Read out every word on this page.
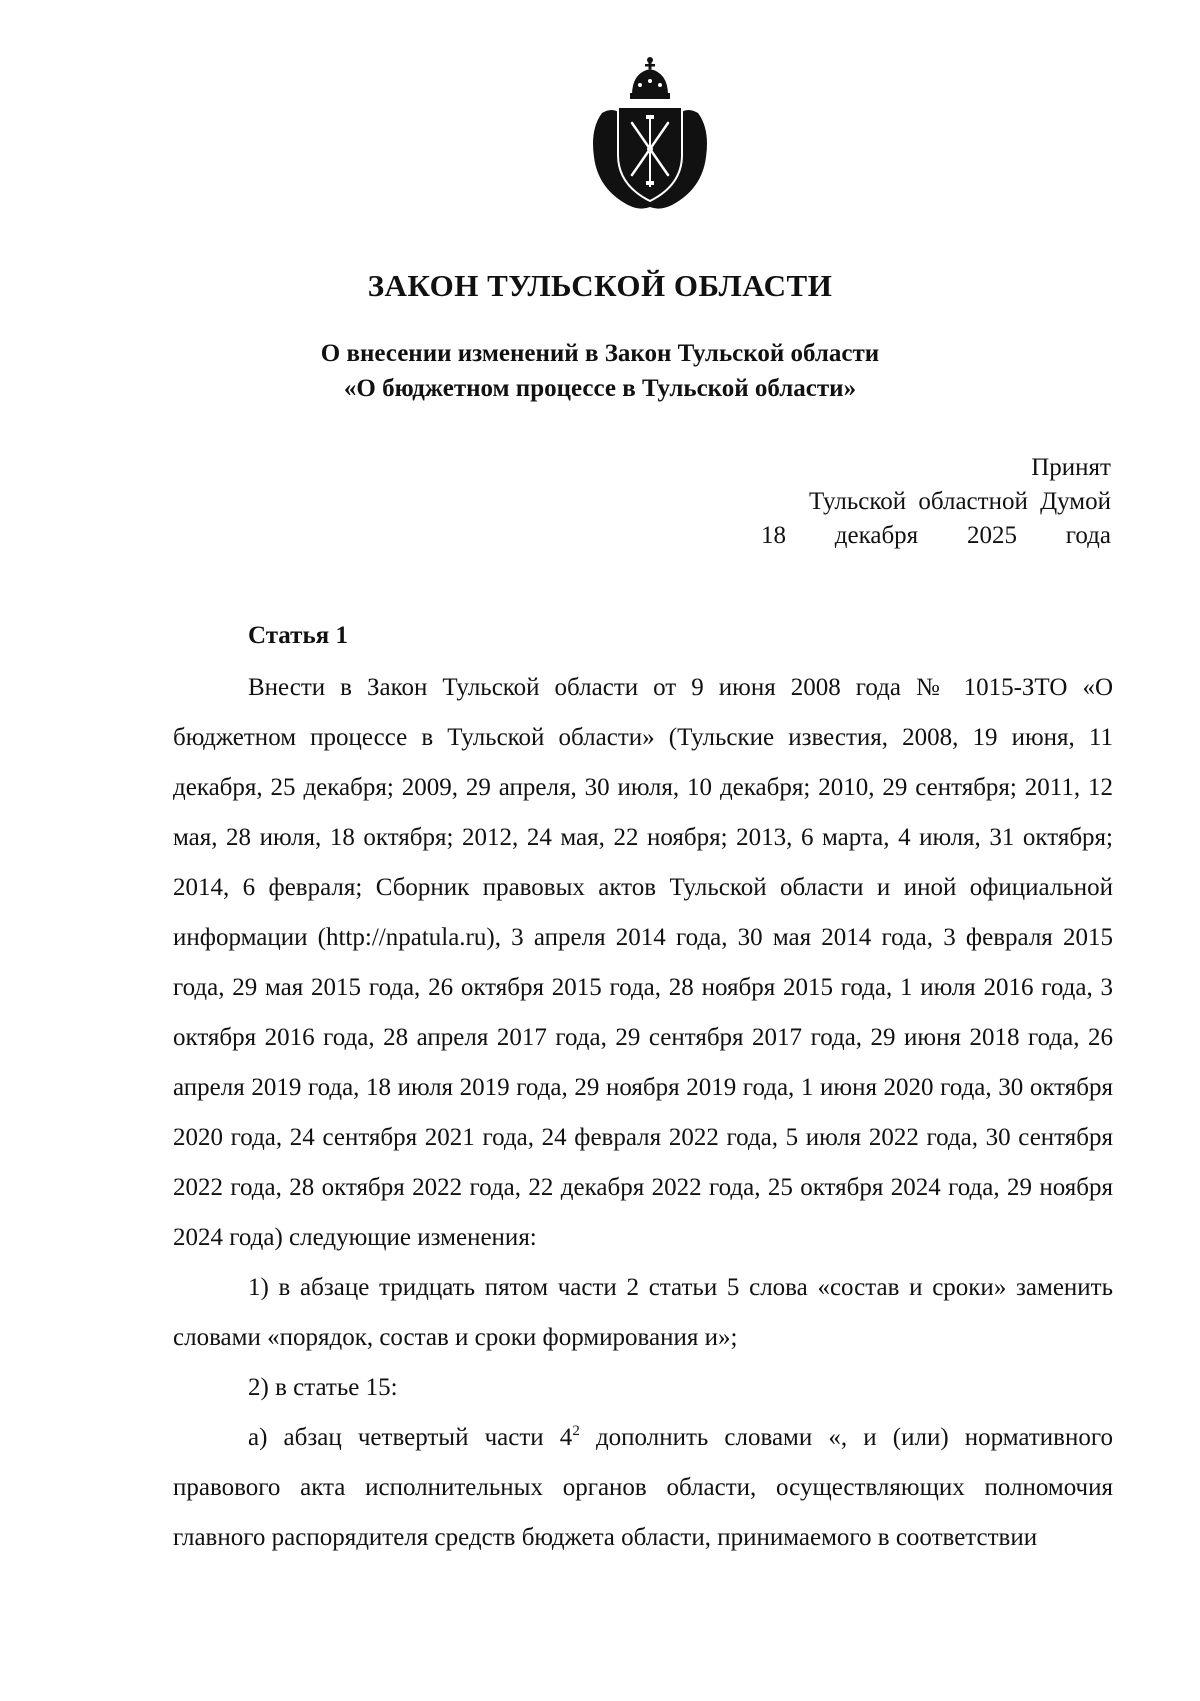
ЗАКОН ТУЛЬСКОЙ ОБЛАСТИ
О внесении изменений в Закон Тульской области
«О бюджетном процессе в Тульской области»
Принят
Тульской областной Думой
18 декабря 2025 года
Статья 1

Внести в Закон Тульской области от 9 июня 2008 года № 1015-ЗТО «О бюджетном процессе в Тульской области» (Тульские известия, 2008, 19 июня, 11 декабря, 25 декабря; 2009, 29 апреля, 30 июля, 10 декабря; 2010, 29 сентября; 2011, 12 мая, 28 июля, 18 октября; 2012, 24 мая, 22 ноября; 2013, 6 марта, 4 июля, 31 октября; 2014, 6 февраля; Сборник правовых актов Тульской области и иной официальной информации (http://npatula.ru), 3 апреля 2014 года, 30 мая 2014 года, 3 февраля 2015 года, 29 мая 2015 года, 26 октября 2015 года, 28 ноября 2015 года, 1 июля 2016 года, 3 октября 2016 года, 28 апреля 2017 года, 29 сентября 2017 года, 29 июня 2018 года, 26 апреля 2019 года, 18 июля 2019 года, 29 ноября 2019 года, 1 июня 2020 года, 30 октября 2020 года, 24 сентября 2021 года, 24 февраля 2022 года, 5 июля 2022 года, 30 сентября 2022 года, 28 октября 2022 года, 22 декабря 2022 года, 25 октября 2024 года, 29 ноября 2024 года) следующие изменения:

1) в абзаце тридцать пятом части 2 статьи 5 слова «состав и сроки» заменить словами «порядок, состав и сроки формирования и»;

2) в статье 15:

а) абзац четвертый части $4^2$ дополнить словами «, и (или) нормативного правового акта исполнительных органов области, осуществляющих полномочия главного распорядителя средств бюджета области, принимаемого в соответствии
